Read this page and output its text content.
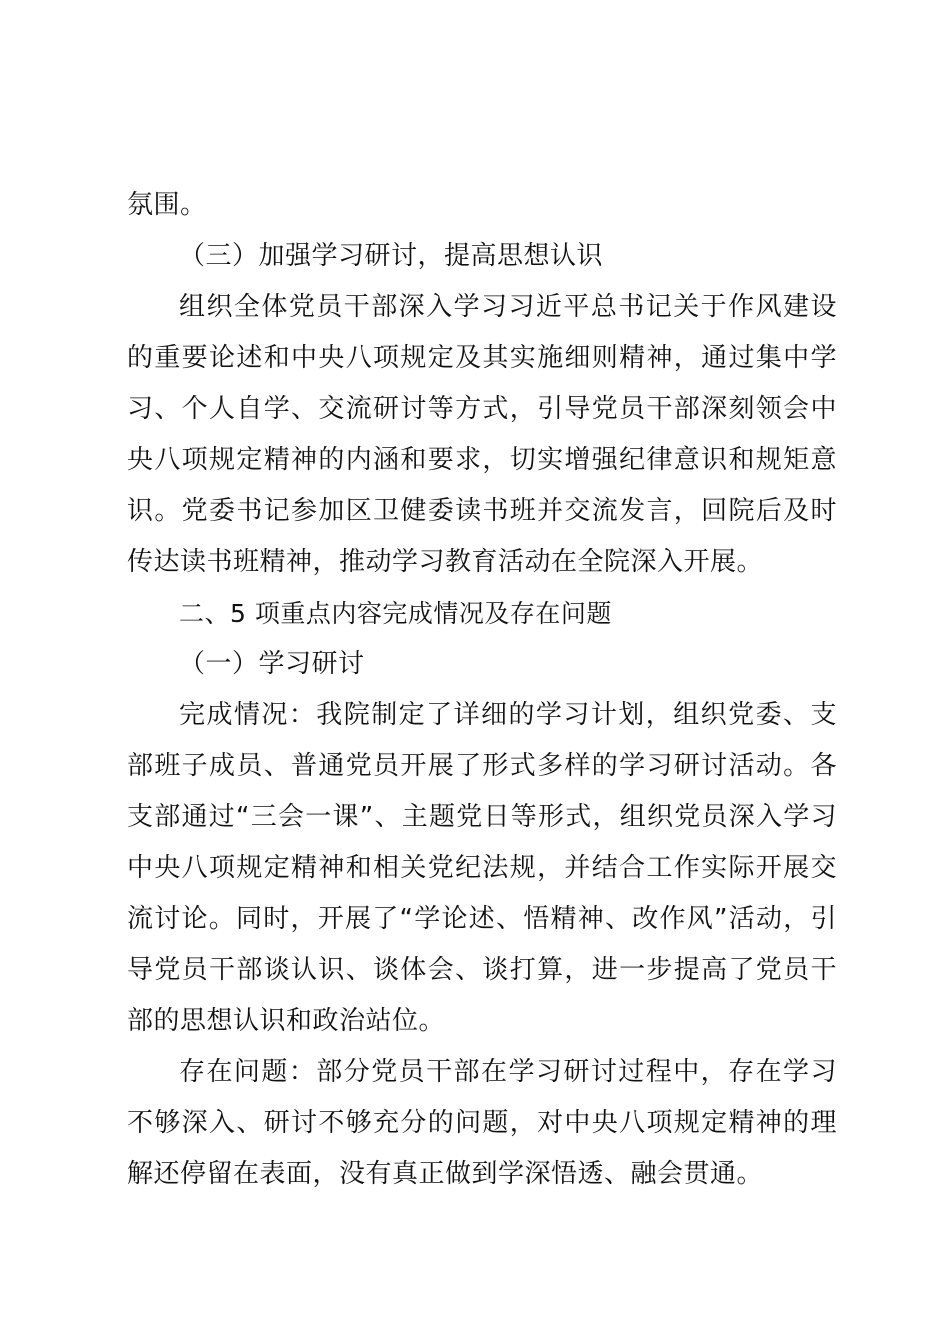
氛围。

（三）加强学习研讨，提高思想认识

组织全体党员干部深入学习习近平总书记关于作风建设的重要论述和中央八项规定及其实施细则精神，通过集中学习、个人自学、交流研讨等方式，引导党员干部深刻领会中央八项规定精神的内涵和要求，切实增强纪律意识和规矩意识。党委书记参加区卫健委读书班并交流发言，回院后及时传达读书班精神，推动学习教育活动在全院深入开展。

二、5 项重点内容完成情况及存在问题

（一）学习研讨

完成情况：我院制定了详细的学习计划，组织党委、支部班子成员、普通党员开展了形式多样的学习研讨活动。各支部通过“三会一课”、主题党日等形式，组织党员深入学习中央八项规定精神和相关党纪法规，并结合工作实际开展交流讨论。同时，开展了“学论述、悟精神、改作风”活动，引导党员干部谈认识、谈体会、谈打算，进一步提高了党员干部的思想认识和政治站位。

存在问题：部分党员干部在学习研讨过程中，存在学习不够深入、研讨不够充分的问题，对中央八项规定精神的理解还停留在表面，没有真正做到学深悟透、融会贯通。
